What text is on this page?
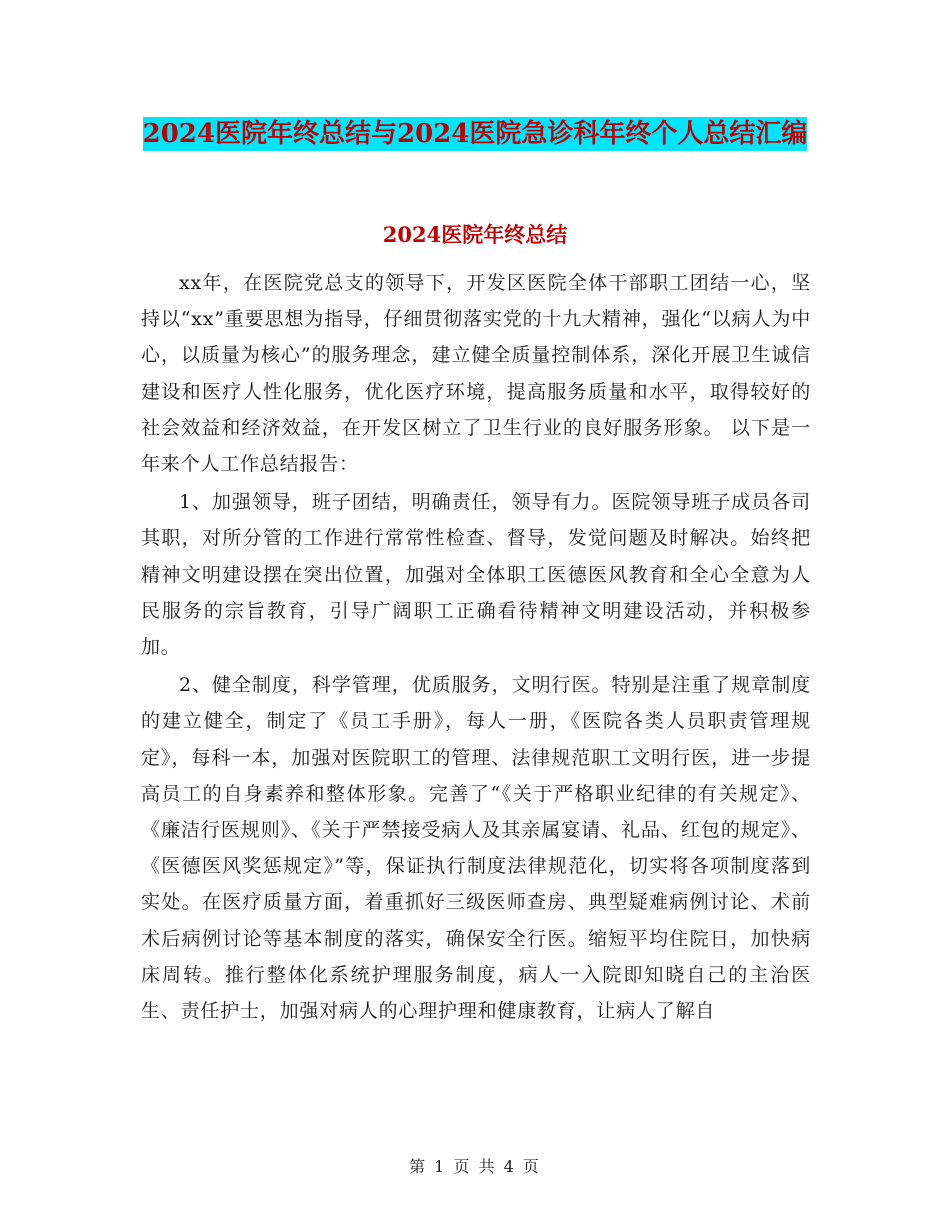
2024医院年终总结与2024医院急诊科年终个人总结汇编
2024医院年终总结

xx年，在医院党总支的领导下，开发区医院全体干部职工团结一心，坚持以“xx”重要思想为指导，仔细贯彻落实党的十九大精神，强化“以病人为中心，以质量为核心”的服务理念，建立健全质量控制体系，深化开展卫生诚信建设和医疗人性化服务，优化医疗环境，提高服务质量和水平，取得较好的社会效益和经济效益，在开发区树立了卫生行业的良好服务形象。 以下是一年来个人工作总结报告：

1、加强领导，班子团结，明确责任，领导有力。医院领导班子成员各司其职，对所分管的工作进行常常性检查、督导，发觉问题及时解决。始终把精神文明建设摆在突出位置，加强对全体职工医德医风教育和全心全意为人民服务的宗旨教育，引导广阔职工正确看待精神文明建设活动，并积极参加。

2、健全制度，科学管理，优质服务，文明行医。特别是注重了规章制度的建立健全，制定了《员工手册》，每人一册，《医院各类人员职责管理规定》，每科一本，加强对医院职工的管理、法律规范职工文明行医，进一步提高员工的自身素养和整体形象。完善了“《关于严格职业纪律的有关规定》、《廉洁行医规则》、《关于严禁接受病人及其亲属宴请、礼品、红包的规定》、《医德医风奖惩规定》”等，保证执行制度法律规范化，切实将各项制度落到实处。在医疗质量方面，着重抓好三级医师查房、典型疑难病例讨论、术前术后病例讨论等基本制度的落实，确保安全行医。缩短平均住院日，加快病床周转。推行整体化系统护理服务制度，病人一入院即知晓自己的主治医生、责任护士，加强对病人的心理护理和健康教育，让病人了解自

第 1 页 共 4 页
